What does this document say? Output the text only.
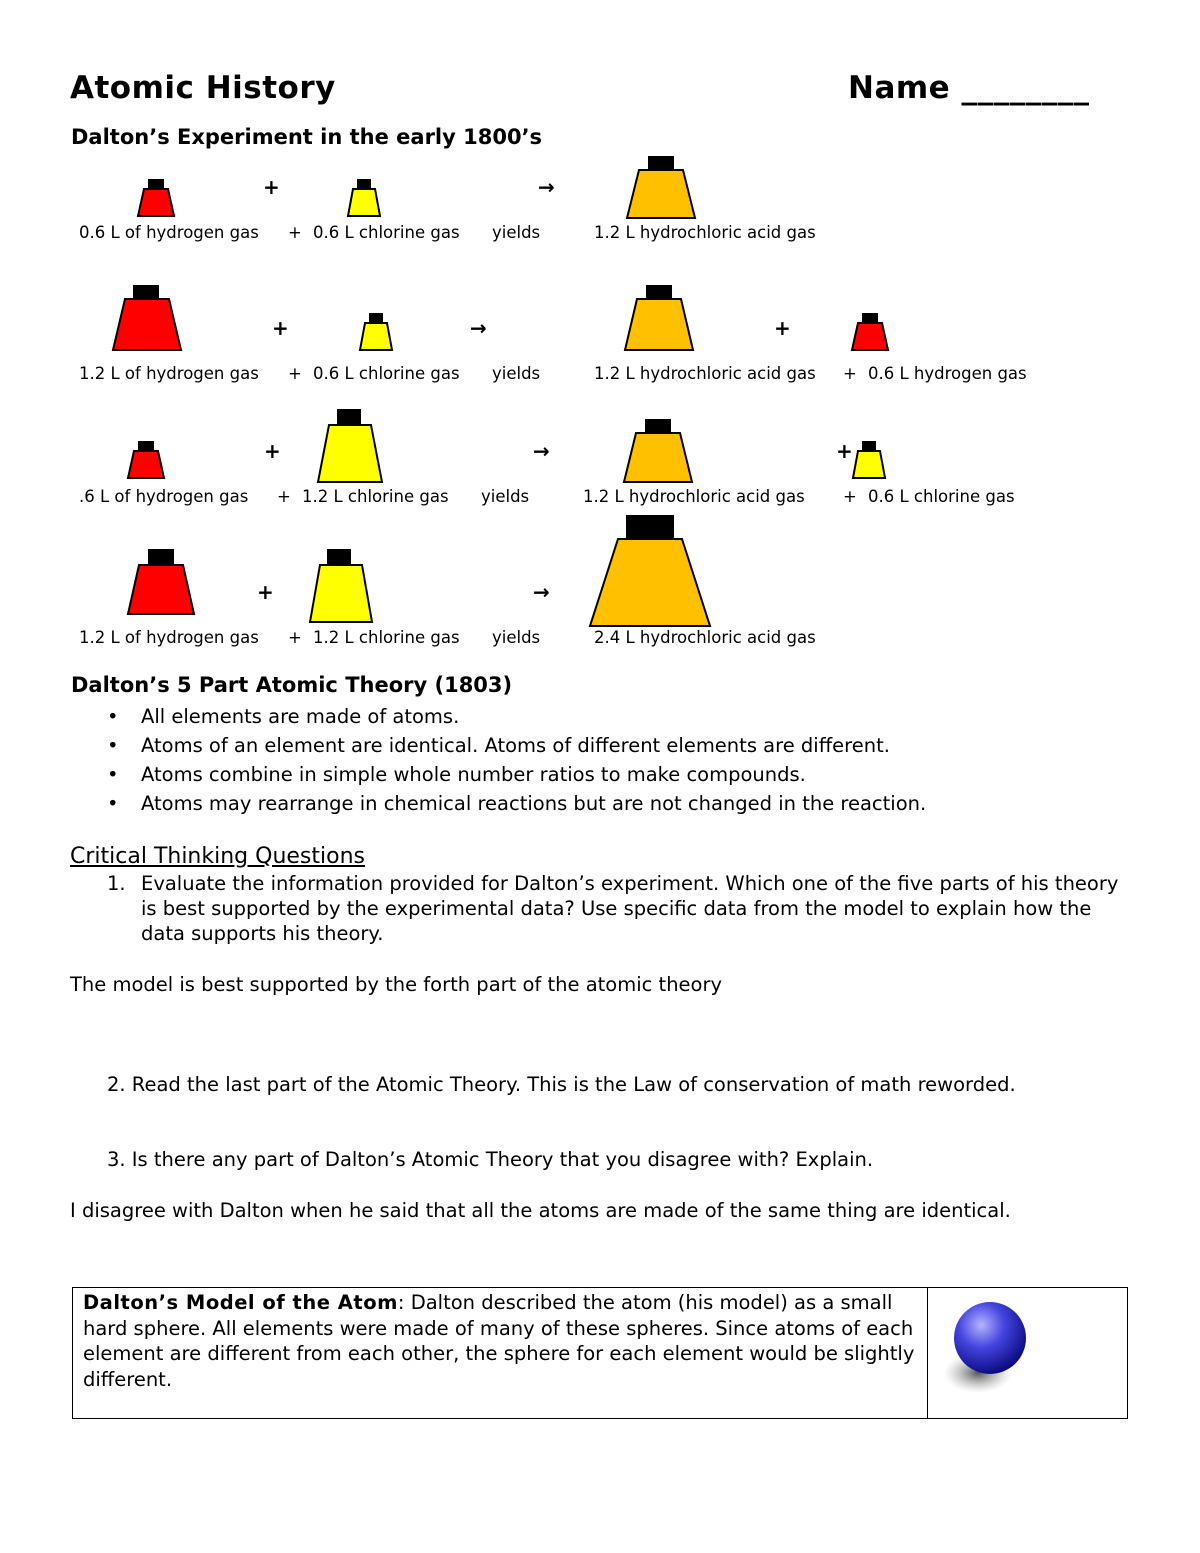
Atomic History	Name ________
Dalton’s Experiment in the early 1800’s
+	→
0.6 L of hydrogen gas + 0.6 L chlorine gas yields	1.2 L hydrochloric acid gas
+	→	+
1.2 L of hydrogen gas + 0.6 L chlorine gas yields	1.2 L hydrochloric acid gas + 0.6 L hydrogen gas
+	→	+
.6 L of hydrogen gas + 1.2 L chlorine gas yields	1.2 L hydrochloric acid gas + 0.6 L chlorine gas
+	→
1.2 L of hydrogen gas + 1.2 L chlorine gas yields	2.4 L hydrochloric acid gas
Dalton’s 5 Part Atomic Theory (1803)
• All elements are made of atoms.
• Atoms of an element are identical. Atoms of different elements are different.
• Atoms combine in simple whole number ratios to make compounds.
• Atoms may rearrange in chemical reactions but are not changed in the reaction.
Critical Thinking Questions
1. Evaluate the information provided for Dalton’s experiment. Which one of the five parts of his theory is best supported by the experimental data? Use specific data from the model to explain how the data supports his theory.
The model is best supported by the forth part of the atomic theory
2. Read the last part of the Atomic Theory. This is the Law of conservation of math reworded.
3. Is there any part of Dalton’s Atomic Theory that you disagree with? Explain.
I disagree with Dalton when he said that all the atoms are made of the same thing are identical.
Dalton’s Model of the Atom: Dalton described the atom (his model) as a small hard sphere. All elements were made of many of these spheres. Since atoms of each element are different from each other, the sphere for each element would be slightly different.
